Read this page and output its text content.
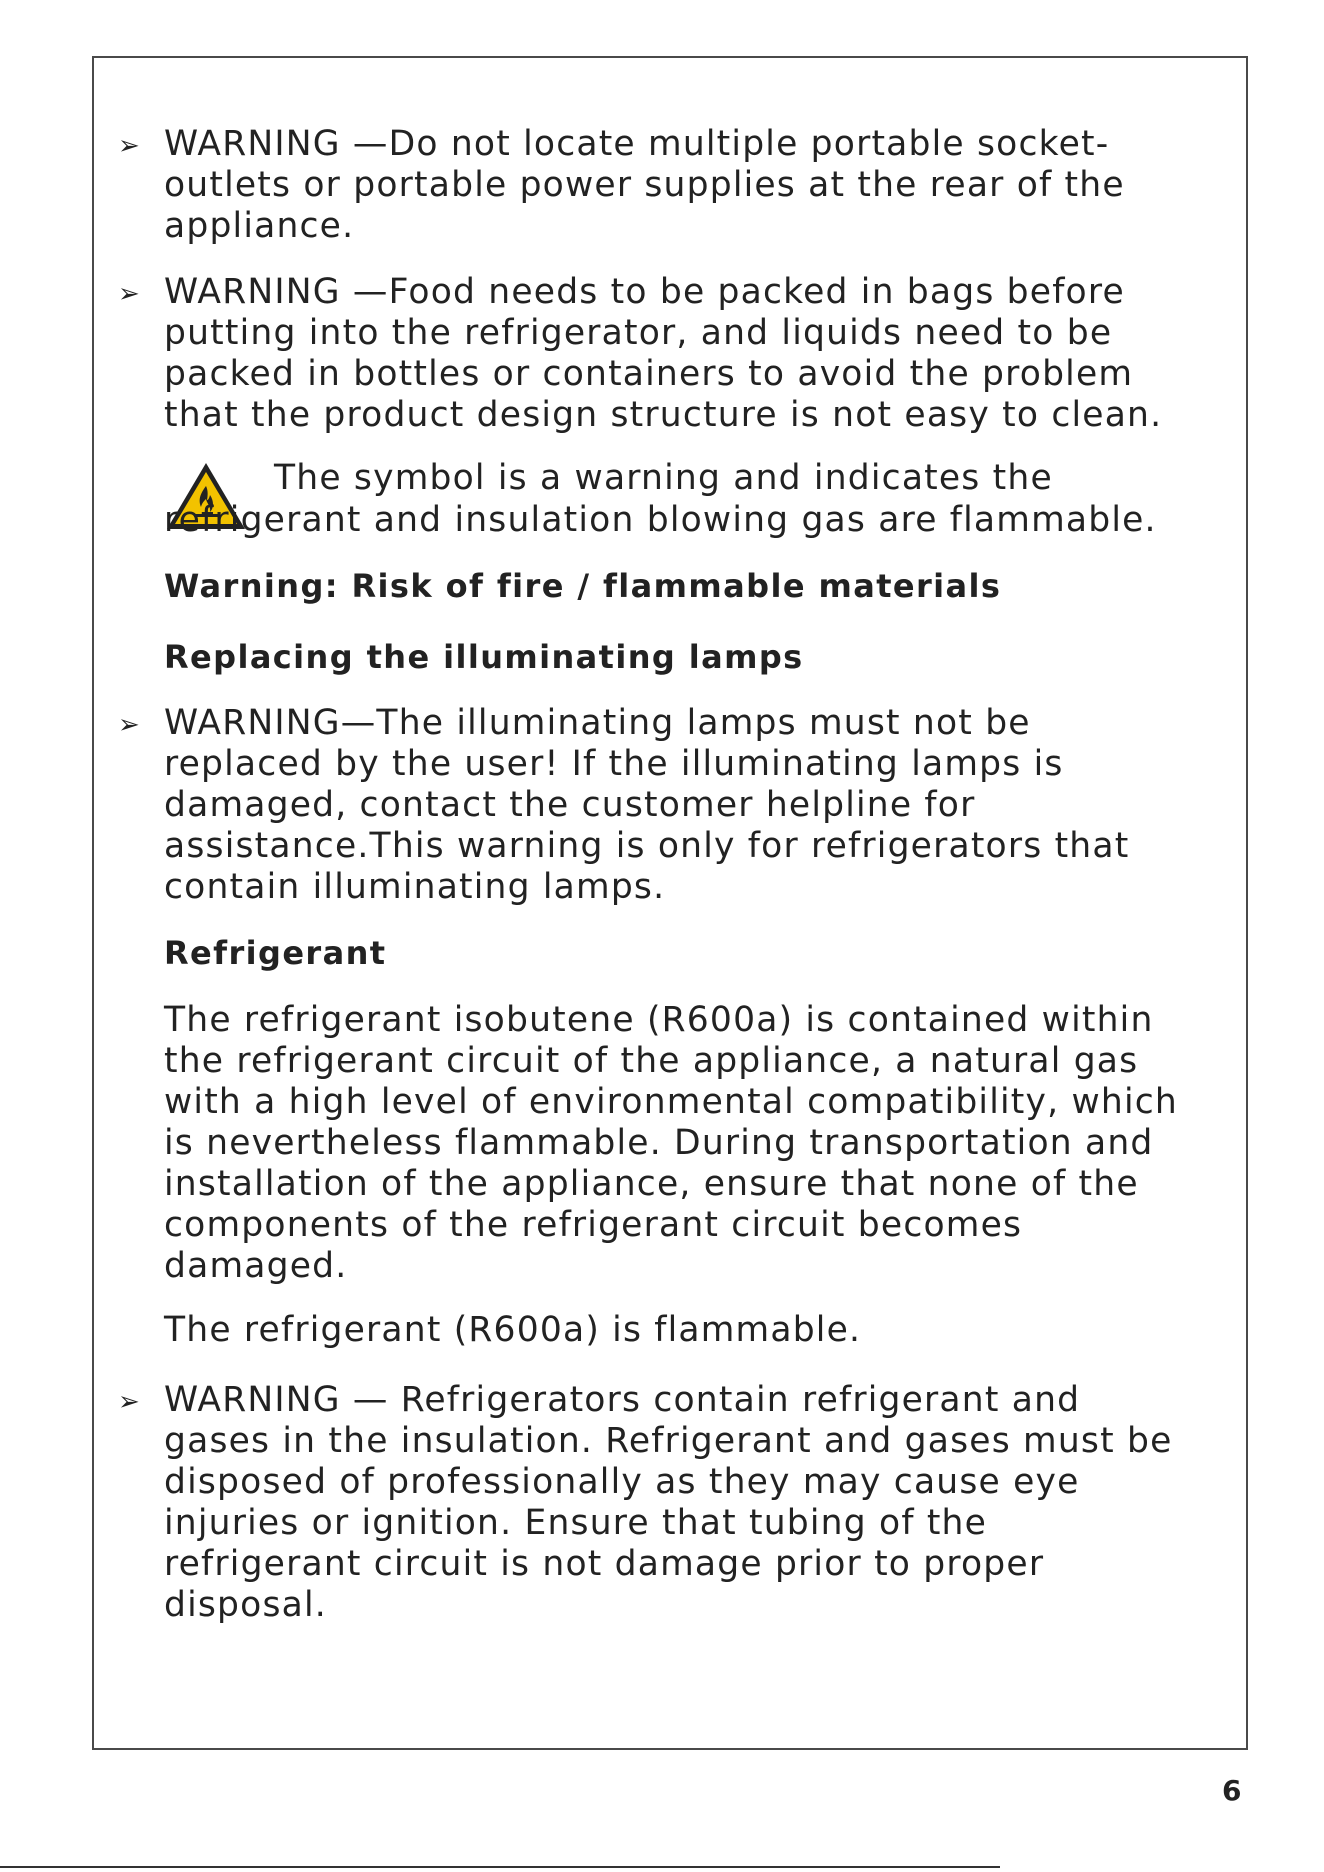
➢ WARNING —Do not locate multiple portable socket-
outlets or portable power supplies at the rear of the
appliance.
➢ WARNING —Food needs to be packed in bags before
putting into the refrigerator, and liquids need to be
packed in bottles or containers to avoid the problem
that the product design structure is not easy to clean.
The symbol is a warning and indicates the
refrigerant and insulation blowing gas are flammable.
Warning: Risk of fire / flammable materials
Replacing the illuminating lamps
➢ WARNING—The illuminating lamps must not be
replaced by the user! If the illuminating lamps is
damaged, contact the customer helpline for
assistance.This warning is only for refrigerators that
contain illuminating lamps.
Refrigerant
The refrigerant isobutene (R600a) is contained within
the refrigerant circuit of the appliance, a natural gas
with a high level of environmental compatibility, which
is nevertheless flammable. During transportation and
installation of the appliance, ensure that none of the
components of the refrigerant circuit becomes
damaged.
The refrigerant (R600a) is flammable.
➢ WARNING — Refrigerators contain refrigerant and
gases in the insulation. Refrigerant and gases must be
disposed of professionally as they may cause eye
injuries or ignition. Ensure that tubing of the
refrigerant circuit is not damage prior to proper
disposal.
6
